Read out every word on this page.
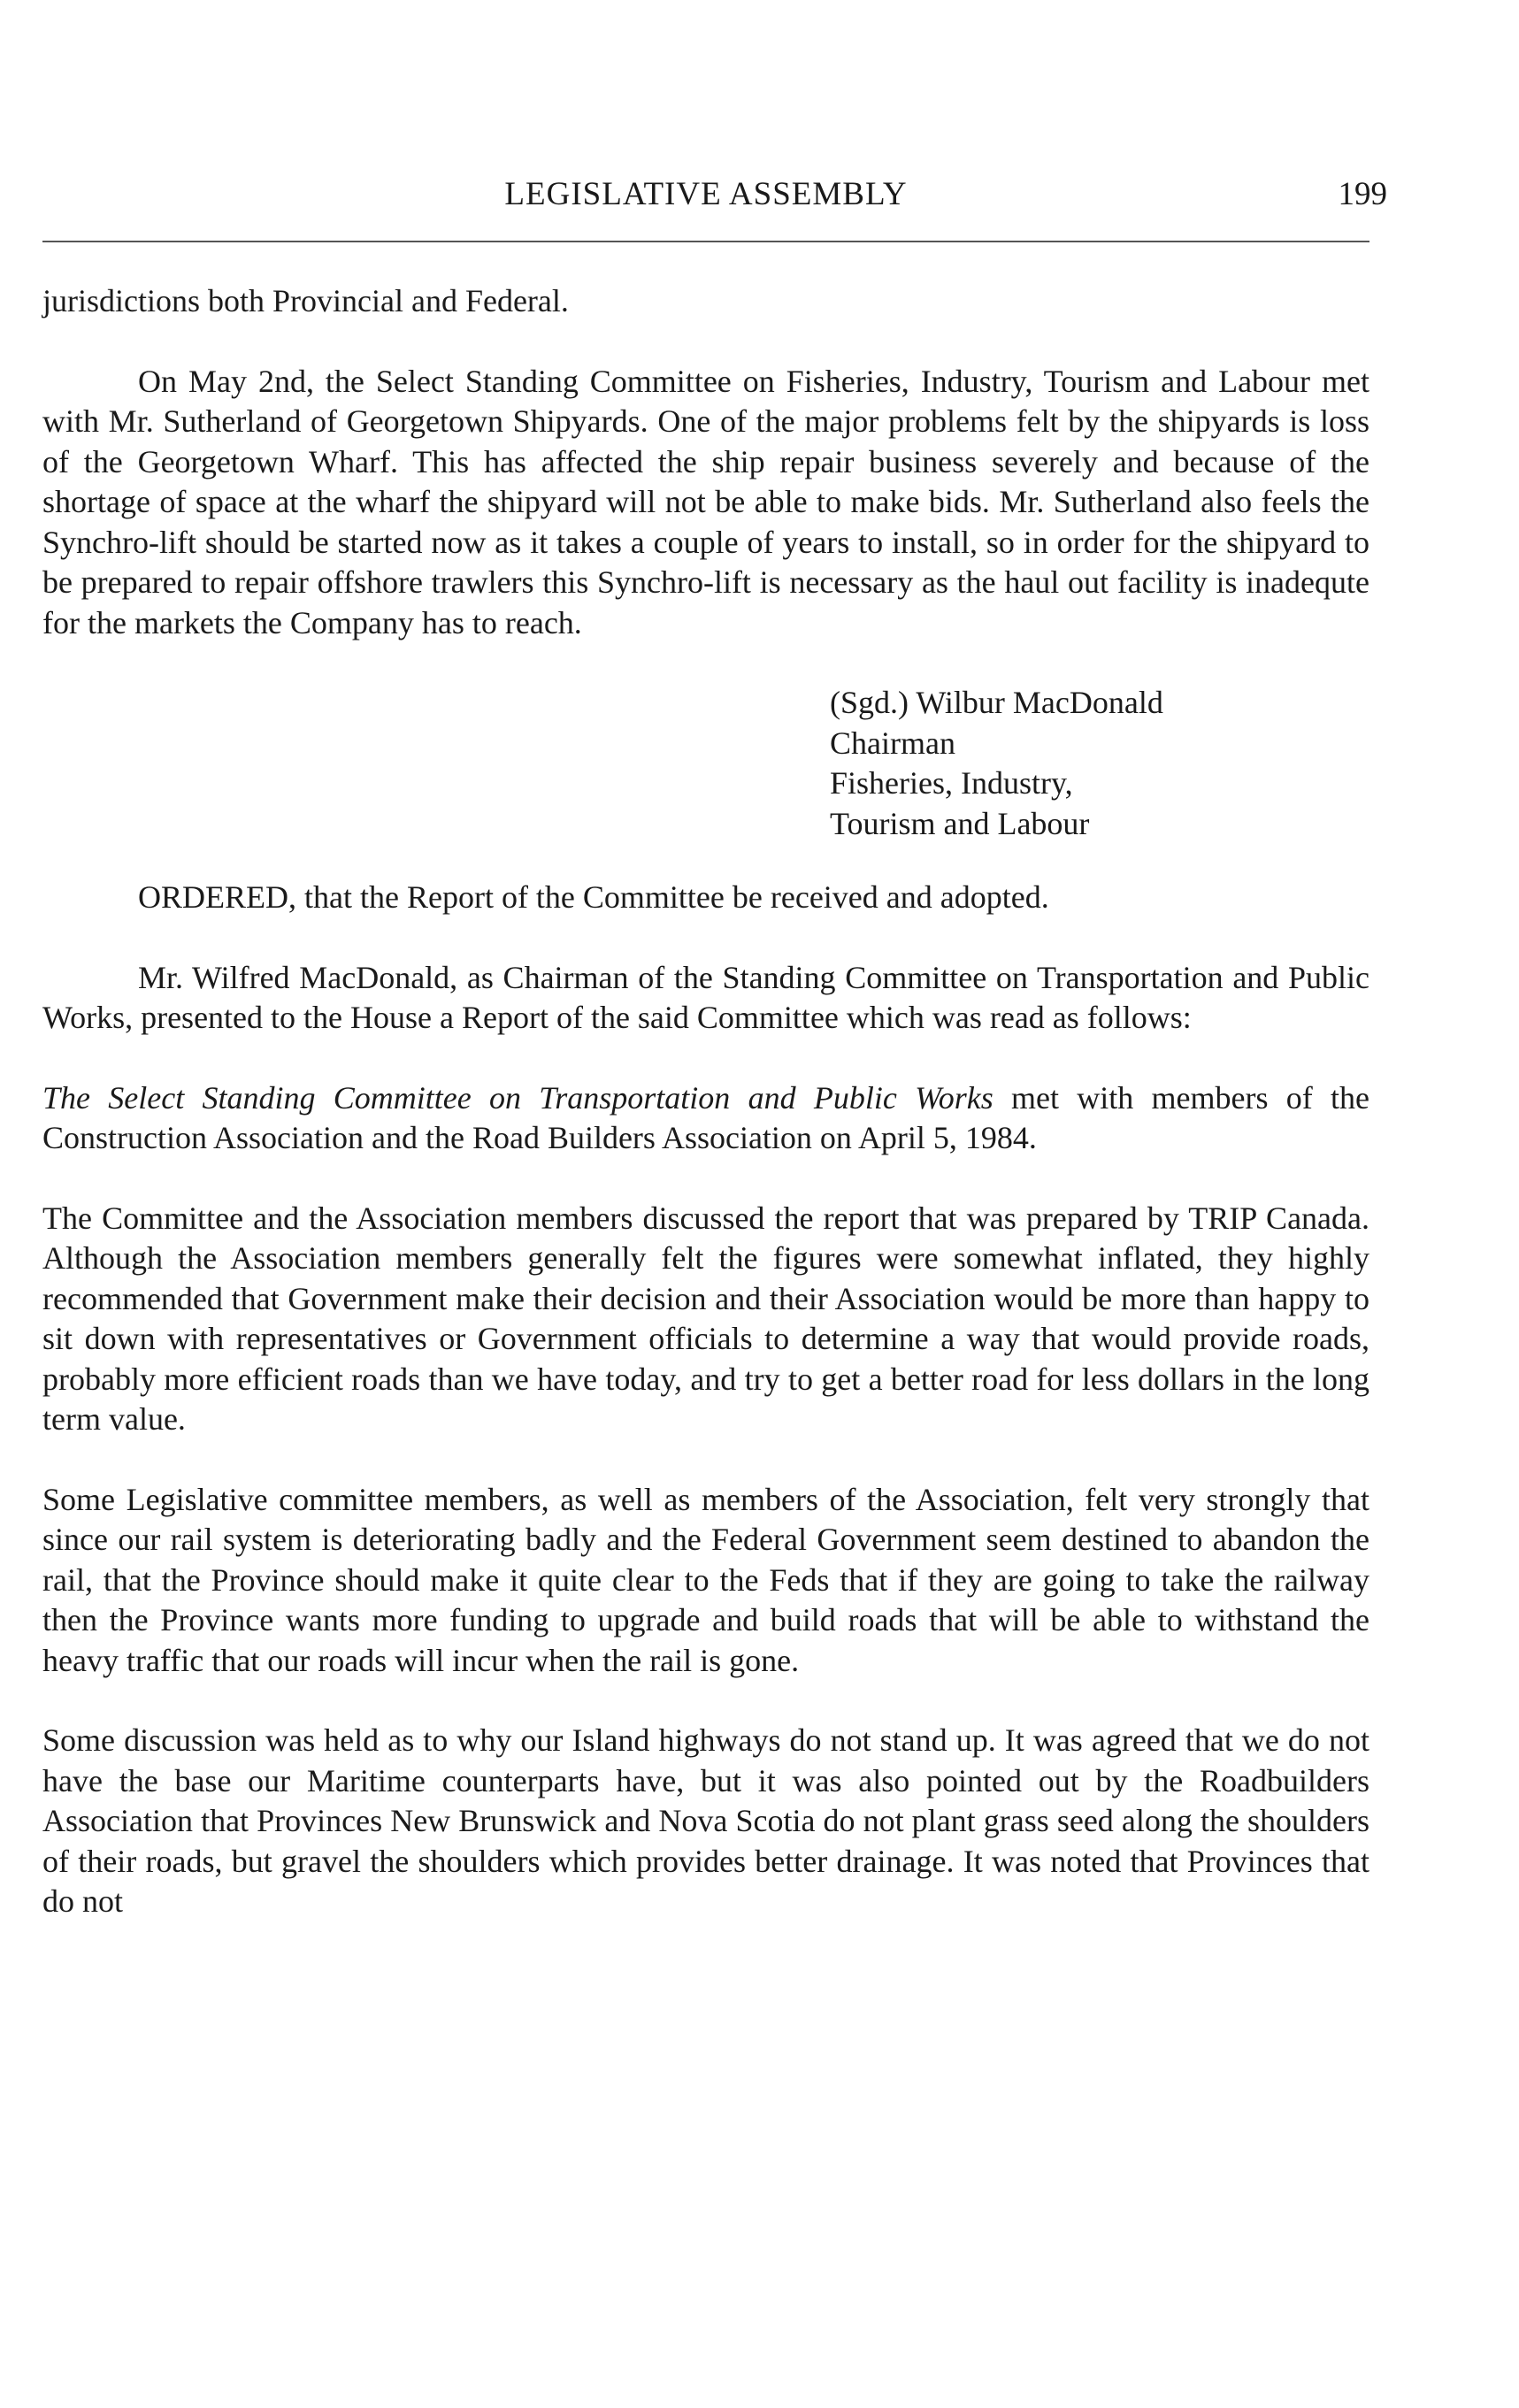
LEGISLATIVE ASSEMBLY	199

jurisdictions both Provincial and Federal.

On May 2nd, the Select Standing Committee on Fisheries, Industry, Tourism and Labour met with Mr. Sutherland of Georgetown Shipyards. One of the major problems felt by the shipyards is loss of the Georgetown Wharf. This has affected the ship repair business severely and because of the shortage of space at the wharf the shipyard will not be able to make bids. Mr. Sutherland also feels the Synchro-lift should be started now as it takes a couple of years to install, so in order for the shipyard to be prepared to repair offshore trawlers this Synchro-lift is necessary as the haul out facility is inadequte for the markets the Company has to reach.

(Sgd.) Wilbur MacDonald
Chairman
Fisheries, Industry,
Tourism and Labour

ORDERED, that the Report of the Committee be received and adopted.

Mr. Wilfred MacDonald, as Chairman of the Standing Committee on Transportation and Public Works, presented to the House a Report of the said Committee which was read as follows:

The Select Standing Committee on Transportation and Public Works met with members of the Construction Association and the Road Builders Association on April 5, 1984.

The Committee and the Association members discussed the report that was prepared by TRIP Canada. Although the Association members generally felt the figures were somewhat inflated, they highly recommended that Government make their decision and their Association would be more than happy to sit down with representatives or Government officials to determine a way that would provide roads, probably more efficient roads than we have today, and try to get a better road for less dollars in the long term value.

Some Legislative committee members, as well as members of the Association, felt very strongly that since our rail system is deteriorating badly and the Federal Government seem destined to abandon the rail, that the Province should make it quite clear to the Feds that if they are going to take the railway then the Province wants more funding to upgrade and build roads that will be able to withstand the heavy traffic that our roads will incur when the rail is gone.

Some discussion was held as to why our Island highways do not stand up. It was agreed that we do not have the base our Maritime counterparts have, but it was also pointed out by the Roadbuilders Association that Provinces New Brunswick and Nova Scotia do not plant grass seed along the shoulders of their roads, but gravel the shoulders which provides better drainage. It was noted that Provinces that do not
